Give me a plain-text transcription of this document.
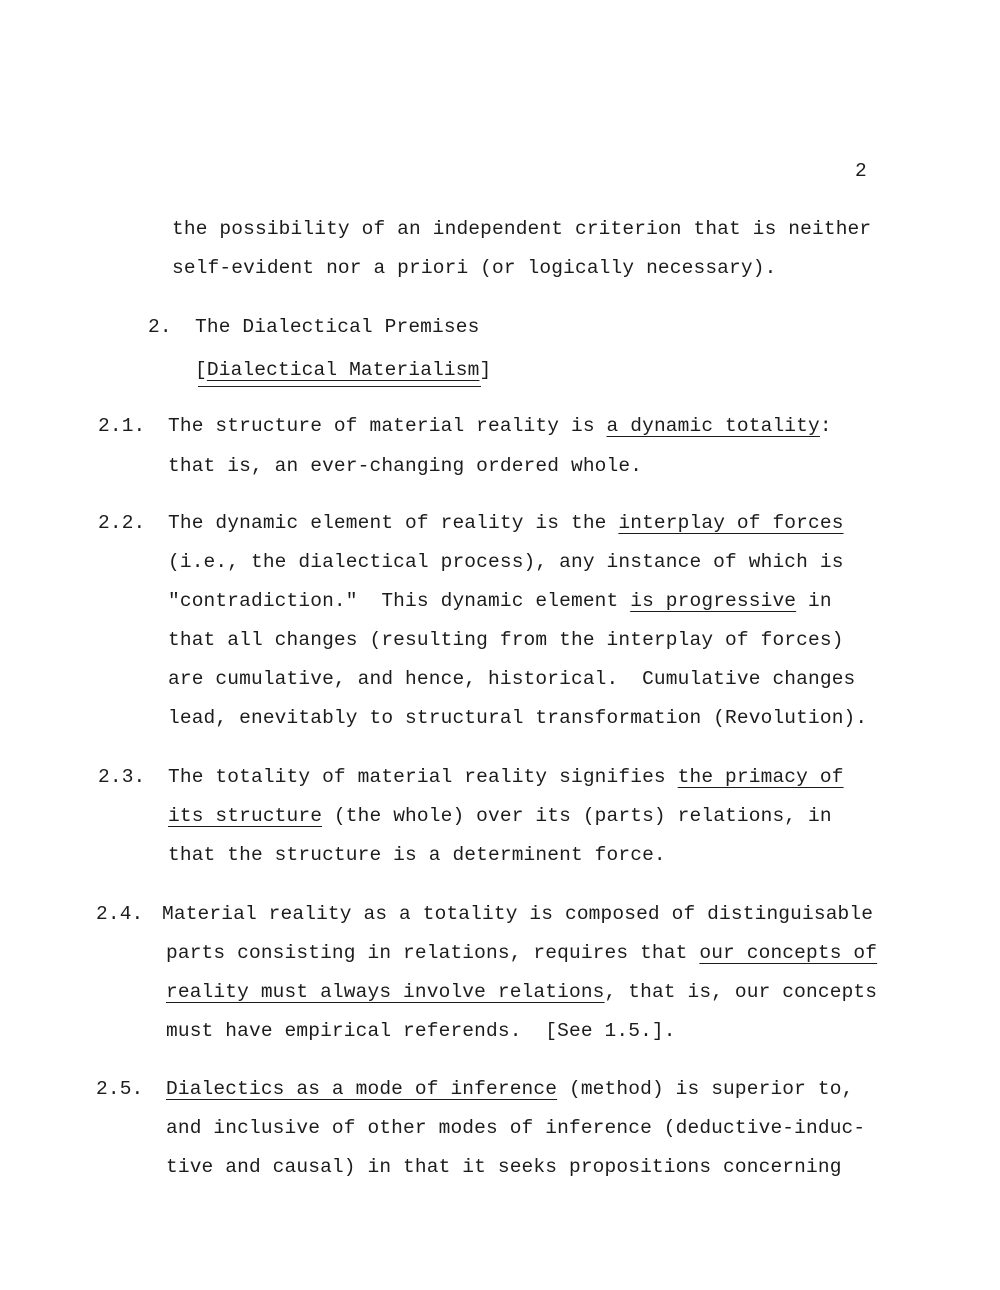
2
the possibility of an independent criterion that is neither
self-evident nor a priori (or logically necessary).
2. The Dialectical Premises
[Dialectical Materialism]
2.1. The structure of material reality is a dynamic totality:
that is, an ever-changing ordered whole.
2.2. The dynamic element of reality is the interplay of forces
(i.e., the dialectical process), any instance of which is
"contradiction."  This dynamic element is progressive in
that all changes (resulting from the interplay of forces)
are cumulative, and hence, historical.  Cumulative changes
lead, enevitably to structural transformation (Revolution).
2.3. The totality of material reality signifies the primacy of
its structure (the whole) over its (parts) relations, in
that the structure is a determinent force.
2.4. Material reality as a totality is composed of distinguisable
parts consisting in relations, requires that our concepts of
reality must always involve relations, that is, our concepts
must have empirical referends.  [See 1.5.].
2.5. Dialectics as a mode of inference (method) is superior to,
and inclusive of other modes of inference (deductive-induc-
tive and causal) in that it seeks propositions concerning
